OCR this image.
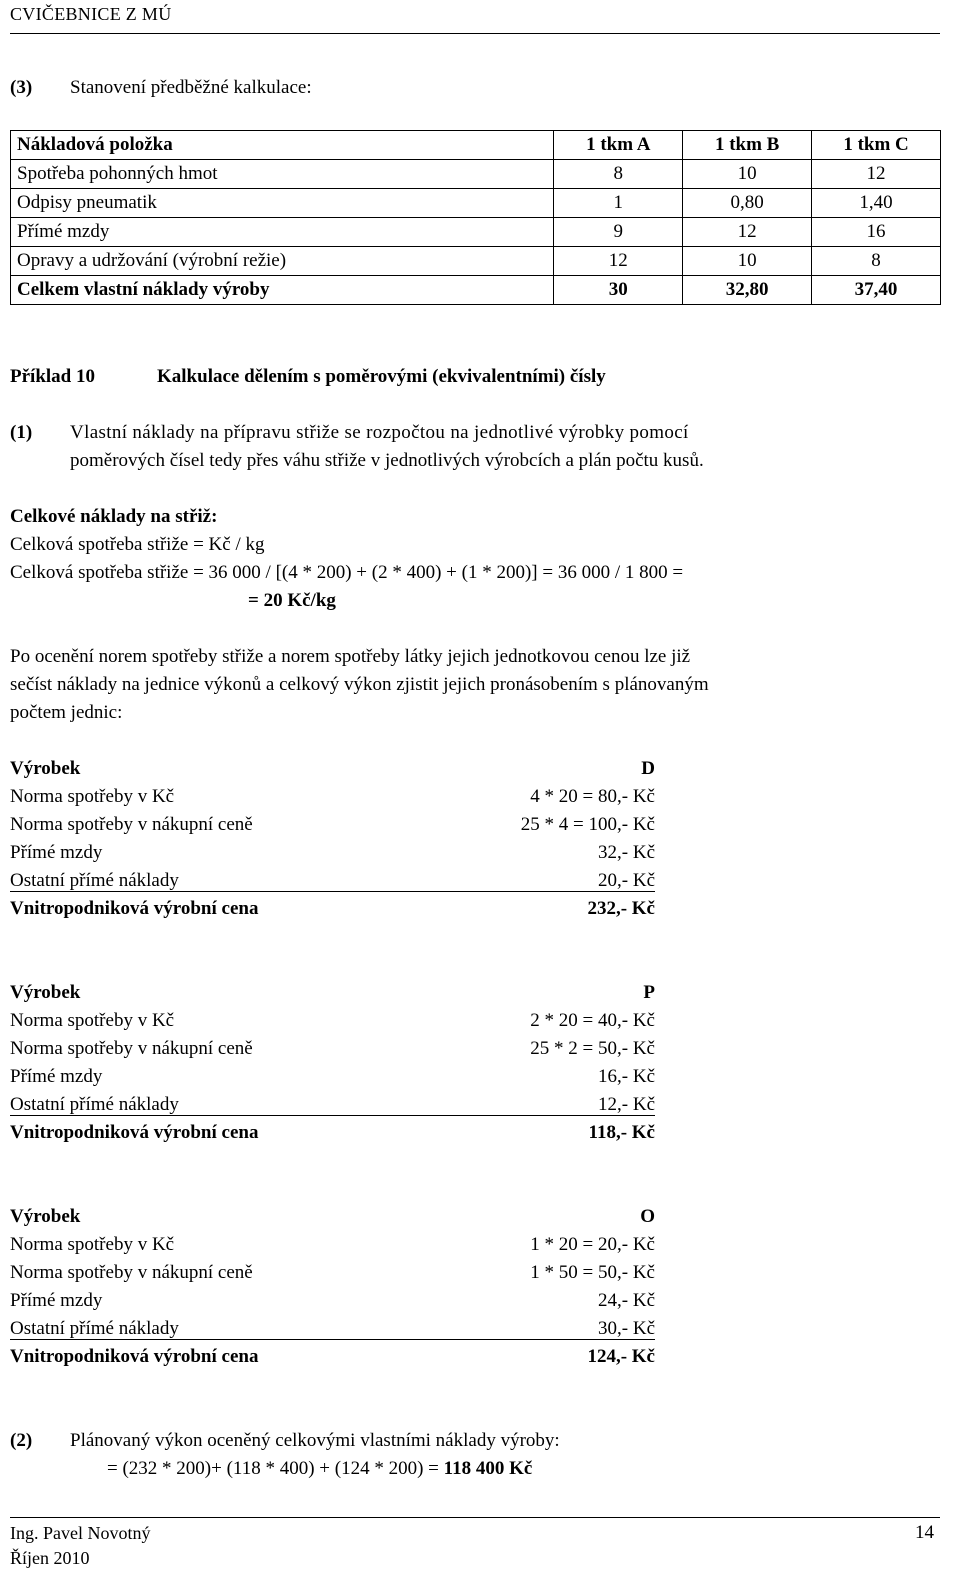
CVIČEBNICE Z MÚ
(3) Stanovení předběžné kalkulace:
Nákladová položka	1 tkm A	1 tkm B	1 tkm C
Spotřeba pohonných hmot	8	10	12
Odpisy pneumatik	1	0,80	1,40
Přímé mzdy	9	12	16
Opravy a udržování (výrobní režie)	12	10	8
Celkem vlastní náklady výroby	30	32,80	37,40
Příklad 10	Kalkulace dělením s poměrovými (ekvivalentními) čísly
(1) Vlastní náklady na přípravu střiže se rozpočtou na jednotlivé výrobky pomocí
poměrových čísel tedy přes váhu střiže v jednotlivých výrobcích a plán počtu kusů.
Celkové náklady na střiž:
Celková spotřeba střiže = Kč / kg
Celková spotřeba střiže = 36 000 / [(4 * 200) + (2 * 400) + (1 * 200)] = 36 000 / 1 800 =
= 20 Kč/kg
Po ocenění norem spotřeby střiže a norem spotřeby látky jejich jednotkovou cenou lze již
sečíst náklady na jednice výkonů a celkový výkon zjistit jejich pronásobením s plánovaným
počtem jednic:
Výrobek	D
Norma spotřeby v Kč	4 * 20 = 80,- Kč
Norma spotřeby v nákupní ceně	25 * 4 = 100,- Kč
Přímé mzdy	32,- Kč
Ostatní přímé náklady	20,- Kč
Vnitropodniková výrobní cena	232,- Kč
Výrobek	P
Norma spotřeby v Kč	2 * 20 = 40,- Kč
Norma spotřeby v nákupní ceně	25 * 2 = 50,- Kč
Přímé mzdy	16,- Kč
Ostatní přímé náklady	12,- Kč
Vnitropodniková výrobní cena	118,- Kč
Výrobek	O
Norma spotřeby v Kč	1 * 20 = 20,- Kč
Norma spotřeby v nákupní ceně	1 * 50 = 50,- Kč
Přímé mzdy	24,- Kč
Ostatní přímé náklady	30,- Kč
Vnitropodniková výrobní cena	124,- Kč
(2) Plánovaný výkon oceněný celkovými vlastními náklady výroby:
= (232 * 200)+ (118 * 400) + (124 * 200) = 118 400 Kč
Ing. Pavel Novotný
Říjen 2010
14
